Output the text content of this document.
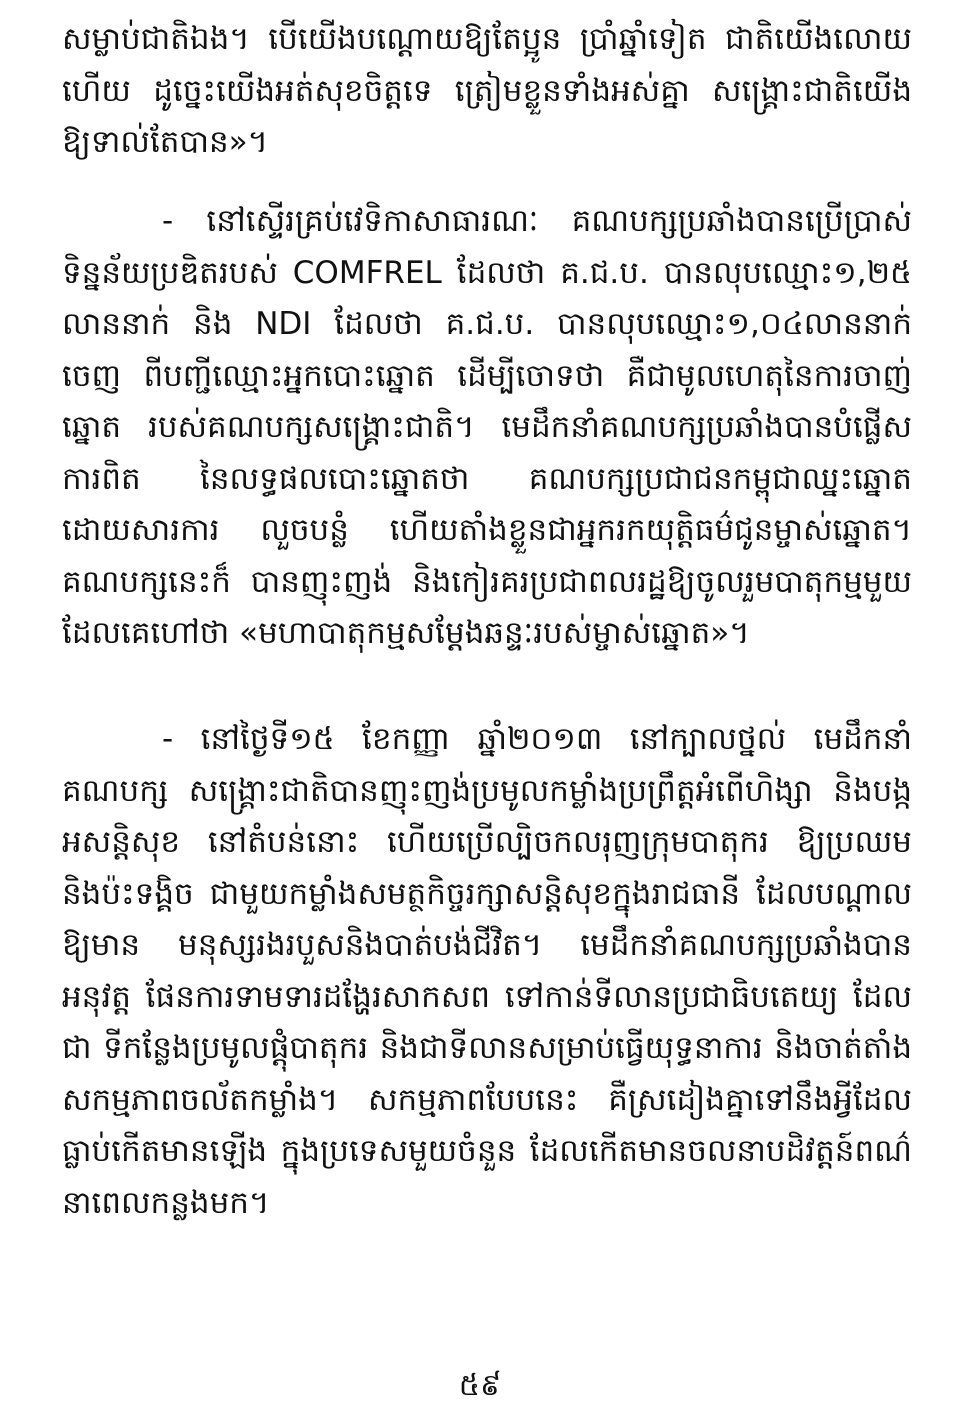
សម្លាប់ជាតិឯង។ បើយើងបណ្ដោយឱ្យតែប្អូន ប្រាំឆ្នាំទៀត ជាតិយើងលោយ ហើយ ដូច្នេះយើងអត់សុខចិត្តទេ ត្រៀមខ្លួនទាំងអស់គ្នា សង្គ្រោះជាតិយើង ឱ្យទាល់តែបាន»។

- នៅស្ទើរគ្រប់វេទិកាសាធារណៈ គណបក្សប្រឆាំងបានប្រើប្រាស់ ទិន្នន័យប្រឌិតរបស់ COMFREL ដែលថា គ.ជ.ប. បានលុបឈ្មោះ១,២៥ លាននាក់ និង NDI ដែលថា គ.ជ.ប. បានលុបឈ្មោះ១,០៤លាននាក់ ចេញ ពីបញ្ជីឈ្មោះអ្នកបោះឆ្នោត ដើម្បីចោទថា គឺជាមូលហេតុនៃការចាញ់ឆ្នោត របស់គណបក្សសង្គ្រោះជាតិ។ មេដឹកនាំគណបក្សប្រឆាំងបានបំផ្លើសការពិត នៃលទ្ធផលបោះឆ្នោតថា គណបក្សប្រជាជនកម្ពុជាឈ្នះឆ្នោត ដោយសារការ លួចបន្លំ ហើយតាំងខ្លួនជាអ្នករកយុត្តិធម៌ជូនម្ចាស់ឆ្នោត។ គណបក្សនេះក៏ បានញុះញង់ និងកៀរគរប្រជាពលរដ្ឋឱ្យចូលរួមបាតុកម្មមួយ ដែលគេហៅថា «មហាបាតុកម្មសម្ដែងឆន្ទៈរបស់ម្ចាស់ឆ្នោត»។

- នៅថ្ងៃទី១៥ ខែកញ្ញា ឆ្នាំ២០១៣ នៅក្បាលថ្នល់ មេដឹកនាំគណបក្ស សង្គ្រោះជាតិបានញុះញង់ប្រមូលកម្លាំងប្រព្រឹត្តអំពើហិង្សា និងបង្កអសន្តិសុខ នៅតំបន់នោះ ហើយប្រើល្បិចកលរុញក្រុមបាតុករ ឱ្យប្រឈមនិងប៉ះទង្គិច ជាមួយកម្លាំងសមត្ថកិច្ចរក្សាសន្តិសុខក្នុងរាជធានី ដែលបណ្ដាលឱ្យមាន មនុស្សរងរបួសនិងបាត់បង់ជីវិត។ មេដឹកនាំគណបក្សប្រឆាំងបានអនុវត្ត ផែនការទាមទារដង្ហែរសាកសព ទៅកាន់ទីលានប្រជាធិបតេយ្យ ដែលជា ទីកន្លែងប្រមូលផ្ដុំបាតុករ និងជាទីលានសម្រាប់ធ្វើយុទ្ធនាការ និងចាត់តាំង សកម្មភាពចល័តកម្លាំង។ សកម្មភាពបែបនេះ គឺស្រដៀងគ្នាទៅនឹងអ្វីដែល ធ្លាប់កើតមានឡើង ក្នុងប្រទេសមួយចំនួន ដែលកើតមានចលនាបដិវត្តន៍ពណ៌ នាពេលកន្លងមក។

៥៩
